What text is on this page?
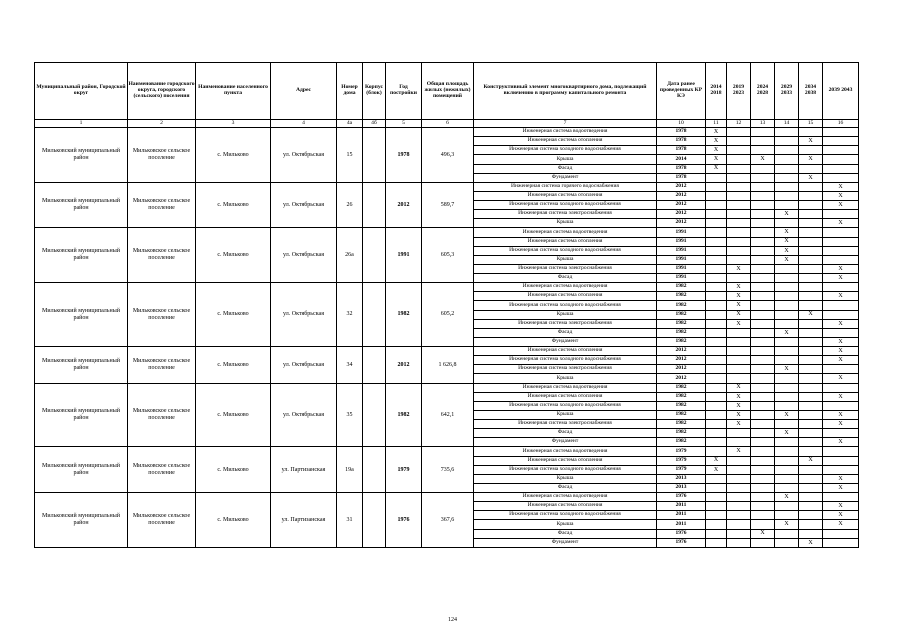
Муниципальный район, Городской округ	Наименование городского округа, городского (сельского) поселения	Наименование населенного пункта	Адрес	Номер дома	Корпус (блок)	Год постройки	Общая площадь жилых (нежилых) помещений	Конструктивный элемент многоквартирного дома, подлежащий включению в программу капитального ремонта	Дата ранее проведенных КР КЭ	2014 2018	2019 2023	2024 2028	2029 2033	2034 2038	2039 2043
1	2	3	4	4а	4б	5	6	7	10	11	12	13	14	15	16
Мильковский муниципальный район	Мильковское сельское поселение	с. Мильково	ул. Октябрьская	15		1978	496,3	Инженерная система водоотведения	1978	X					
								Инженерная система отопления	1978	X				X	
								Инженерная система холодного водоснабжения	1978	X					
								Крыша	2014	X		X		X	
								Фасад	1978	X					
								Фундамент	1978					X	
Мильковский муниципальный район	Мильковское сельское поселение	с. Мильково	ул. Октябрьская	26		2012	589,7	Инженерная система горячего водоснабжения	2012						X
								Инженерная система отопления	2012						X
								Инженерная система холодного водоснабжения	2012						X
								Инженерная система электроснабжения	2012				X		
								Крыша	2012						X
Мильковский муниципальный район	Мильковское сельское поселение	с. Мильково	ул. Октябрьская	26а		1991	605,3	Инженерная система водоотведения	1991				X		
								Инженерная система отопления	1991				X		
								Инженерная система холодного водоснабжения	1991				X		
								Крыша	1991				X		
								Инженерная система электроснабжения	1991		X				X
								Фасад	1991						X
Мильковский муниципальный район	Мильковское сельское поселение	с. Мильково	ул. Октябрьская	32		1982	605,2	Инженерная система водоотведения	1982		X				
								Инженерная система отопления	1982		X				X
								Инженерная система холодного водоснабжения	1982		X				
								Крыша	1982		X			X	
								Инженерная система электроснабжения	1982		X				X
								Фасад	1982				X		
								Фундамент	1982						X
Мильковский муниципальный район	Мильковское сельское поселение	с. Мильково	ул. Октябрьская	34		2012	1 626,8	Инженерная система отопления	2012						X
								Инженерная система холодного водоснабжения	2012						X
								Инженерная система электроснабжения	2012				X		
								Крыша	2012						X
Мильковский муниципальный район	Мильковское сельское поселение	с. Мильково	ул. Октябрьская	35		1982	642,1	Инженерная система водоотведения	1982		X				
								Инженерная система отопления	1982		X				X
								Инженерная система холодного водоснабжения	1982		X				
								Крыша	1982		X		X		X
								Инженерная система электроснабжения	1982		X				X
								Фасад	1982				X		
								Фундамент	1982						X
Мильковский муниципальный район	Мильковское сельское поселение	с. Мильково	ул. Партизанская	19а		1979	735,6	Инженерная система водоотведения	1979		X				
								Инженерная система отопления	1979	X				X	
								Инженерная система холодного водоснабжения	1979	X					
								Крыша	2013						X
								Фасад	2013						X
Мильковский муниципальный район	Мильковское сельское поселение	с. Мильково	ул. Партизанская	31		1976	367,6	Инженерная система водоотведения	1976				X		
								Инженерная система отопления	2011						X
								Инженерная система холодного водоснабжения	2011						X
								Крыша	2011				X		X
								Фасад	1976			X			
								Фундамент	1976					X	
124
